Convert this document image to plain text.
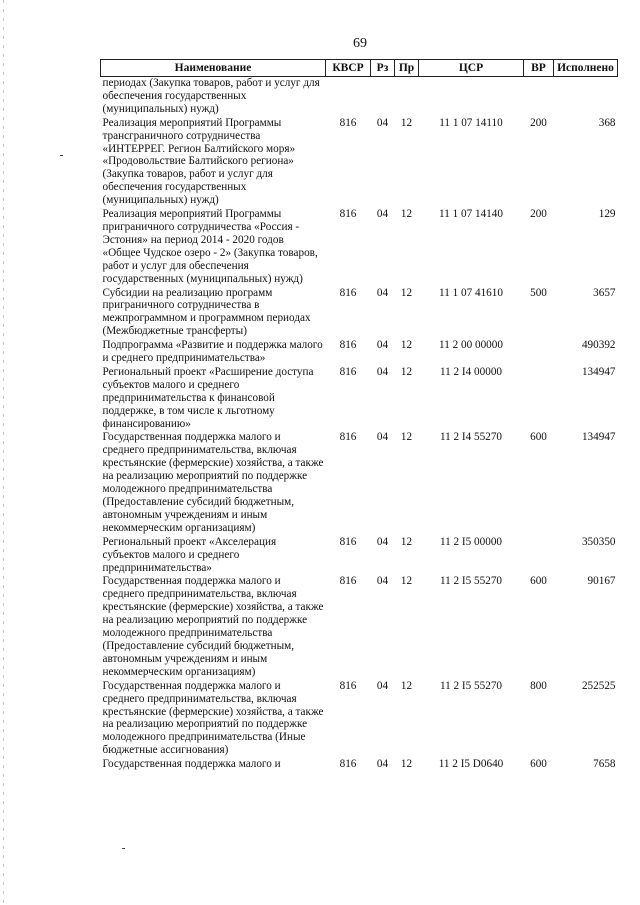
69
Наименование	КВСР	Рз	Пр	ЦСР	ВР	Исполнено
периодах (Закупка товаров, работ и услуг для обеспечения государственных (муниципальных) нужд)						
Реализация мероприятий Программы трансграничного сотрудничества «ИНТЕРРЕГ. Регион Балтийского моря» «Продовольствие Балтийского региона» (Закупка товаров, работ и услуг для обеспечения государственных (муниципальных) нужд)	816	04	12	11 1 07 14110	200	368
Реализация мероприятий Программы приграничного сотрудничества «Россия - Эстония» на период 2014 - 2020 годов «Общее Чудское озеро - 2» (Закупка товаров, работ и услуг для обеспечения государственных (муниципальных) нужд)	816	04	12	11 1 07 14140	200	129
Субсидии на реализацию программ приграничного сотрудничества в межпрограммном и программном периодах (Межбюджетные трансферты)	816	04	12	11 1 07 41610	500	3657
Подпрограмма «Развитие и поддержка малого и среднего предпринимательства»	816	04	12	11 2 00 00000		490392
Региональный проект «Расширение доступа субъектов малого и среднего предпринимательства к финансовой поддержке, в том числе к льготному финансированию»	816	04	12	11 2 I4 00000		134947
Государственная поддержка малого и среднего предпринимательства, включая крестьянские (фермерские) хозяйства, а также на реализацию мероприятий по поддержке молодежного предпринимательства (Предоставление субсидий бюджетным, автономным учреждениям и иным некоммерческим организациям)	816	04	12	11 2 I4 55270	600	134947
Региональный проект «Акселерация субъектов малого и среднего предпринимательства»	816	04	12	11 2 I5 00000		350350
Государственная поддержка малого и среднего предпринимательства, включая крестьянские (фермерские) хозяйства, а также на реализацию мероприятий по поддержке молодежного предпринимательства (Предоставление субсидий бюджетным, автономным учреждениям и иным некоммерческим организациям)	816	04	12	11 2 I5 55270	600	90167
Государственная поддержка малого и среднего предпринимательства, включая крестьянские (фермерские) хозяйства, а также на реализацию мероприятий по поддержке молодежного предпринимательства (Иные бюджетные ассигнования)	816	04	12	11 2 I5 55270	800	252525
Государственная поддержка малого и	816	04	12	11 2 I5 D0640	600	7658
